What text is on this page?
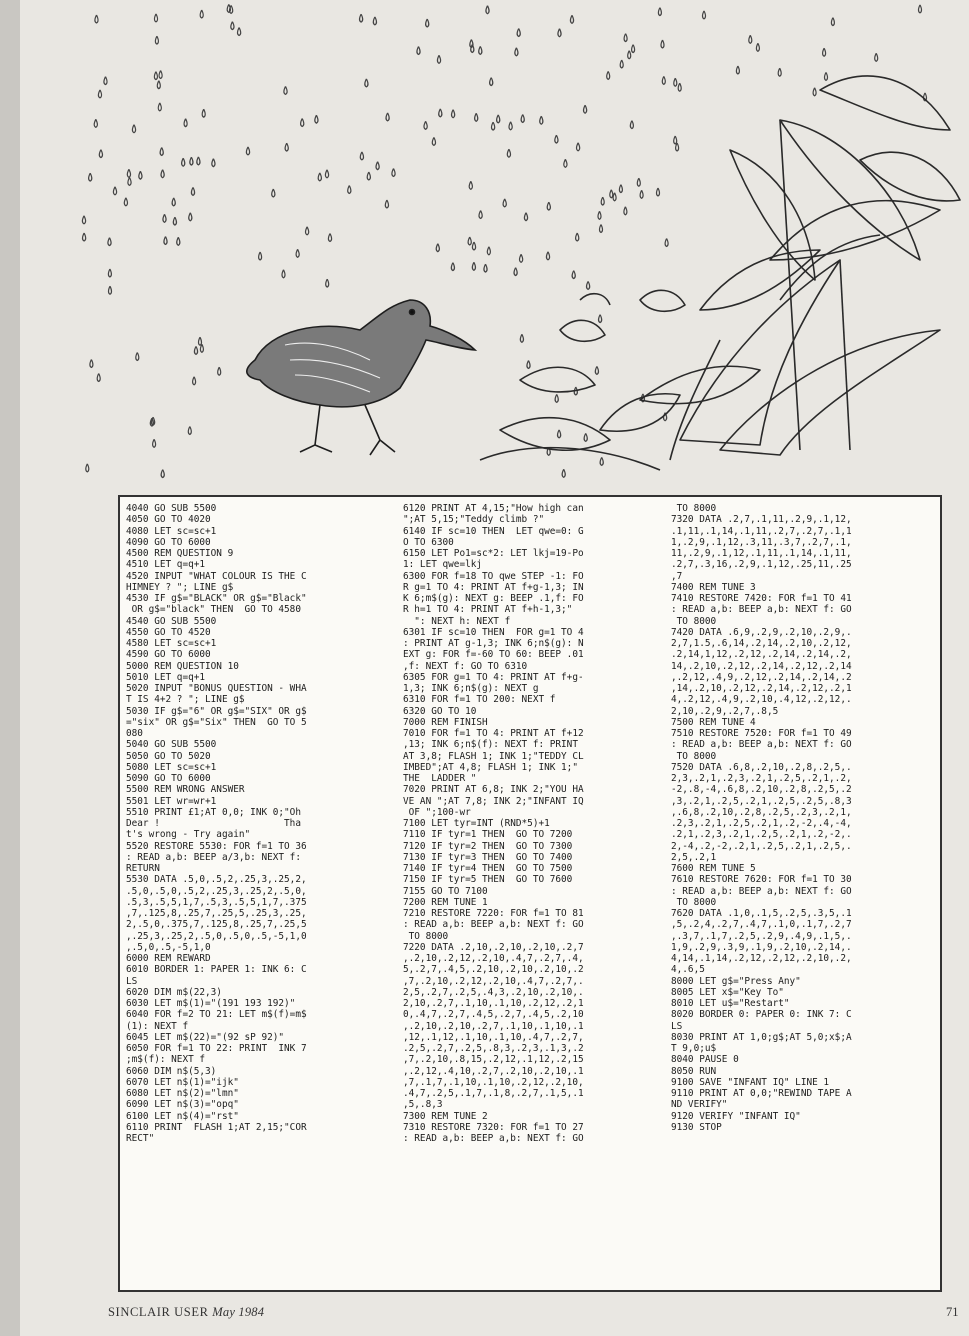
4040 GO SUB 5500
4050 GO TO 4020
4080 LET sc=sc+1
4090 GO TO 6000
4500 REM QUESTION 9
4510 LET q=q+1
4520 INPUT "WHAT COLOUR IS THE C
HIMNEY ? "; LINE g$
4530 IF g$="BLACK" OR g$="Black"
OR g$="black" THEN  GO TO 4580
4540 GO SUB 5500
4550 GO TO 4520
4580 LET sc=sc+1
4590 GO TO 6000
5000 REM QUESTION 10
5010 LET q=q+1
5020 INPUT "BONUS QUESTION - WHA
T IS 4+2 ? "; LINE g$
5030 IF g$="6" OR g$="SIX" OR g$
="six" OR g$="Six" THEN  GO TO 5
080
5040 GO SUB 5500
5050 GO TO 5020
5080 LET sc=sc+1
5090 GO TO 6000
5500 REM WRONG ANSWER
5501 LET wr=wr+1
5510 PRINT £1;AT 0,0; INK 0;"Oh
Dear !                      Tha
t's wrong - Try again"
5520 RESTORE 5530: FOR f=1 TO 36
: READ a,b: BEEP a/3,b: NEXT f:
RETURN
5530 DATA .5,0,.5,2,.25,3,.25,2,
.5,0,.5,0,.5,2,.25,3,.25,2,.5,0,
.5,3,.5,5,1,7,.5,3,.5,5,1,7,.375
,7,.125,8,.25,7,.25,5,.25,3,.25,
2,.5,0,.375,7,.125,8,.25,7,.25,5
,.25,3,.25,2,.5,0,.5,0,.5,-5,1,0
,.5,0,.5,-5,1,0
6000 REM REWARD
6010 BORDER 1: PAPER 1: INK 6: C
LS
6020 DIM m$(22,3)
6030 LET m$(1)="(191 193 192)"
6040 FOR f=2 TO 21: LET m$(f)=m$
(1): NEXT f
6045 LET m$(22)="(92 sP 92)"
6050 FOR f=1 TO 22: PRINT  INK 7
;m$(f): NEXT f
6060 DIM n$(5,3)
6070 LET n$(1)="ijk"
6080 LET n$(2)="lmn"
6090 LET n$(3)="opq"
6100 LET n$(4)="rst"
6110 PRINT  FLASH 1;AT 2,15;"COR
RECT"
6120 PRINT AT 4,15;"How high can
";AT 5,15;"Teddy climb ?"
6140 IF sc=10 THEN  LET qwe=0: G
O TO 6300
6150 LET Po1=sc*2: LET lkj=19-Po
1: LET qwe=lkj
6300 FOR f=18 TO qwe STEP -1: FO
R g=1 TO 4: PRINT AT f+g-1,3; IN
K 6;m$(g): NEXT g: BEEP .1,f: FO
R h=1 TO 4: PRINT AT f+h-1,3;"
": NEXT h: NEXT f
6301 IF sc=10 THEN  FOR g=1 TO 4
: PRINT AT g-1,3; INK 6;n$(g): N
EXT g: FOR f=-60 TO 60: BEEP .01
,f: NEXT f: GO TO 6310
6305 FOR g=1 TO 4: PRINT AT f+g-
1,3; INK 6;n$(g): NEXT g
6310 FOR f=1 TO 200: NEXT f
6320 GO TO 10
7000 REM FINISH
7010 FOR f=1 TO 4: PRINT AT f+12
,13; INK 6;n$(f): NEXT f: PRINT
AT 3,8; FLASH 1; INK 1;"TEDDY CL
IMBED";AT 4,8; FLASH 1; INK 1;"
THE  LADDER "
7020 PRINT AT 6,8; INK 2;"YOU HA
VE AN ";AT 7,8; INK 2;"INFANT IQ
OF ";100-wr
7100 LET tyr=INT (RND*5)+1
7110 IF tyr=1 THEN  GO TO 7200
7120 IF tyr=2 THEN  GO TO 7300
7130 IF tyr=3 THEN  GO TO 7400
7140 IF tyr=4 THEN  GO TO 7500
7150 IF tyr=5 THEN  GO TO 7600
7155 GO TO 7100
7200 REM TUNE 1
7210 RESTORE 7220: FOR f=1 TO 81
: READ a,b: BEEP a,b: NEXT f: GO
TO 8000
7220 DATA .2,10,.2,10,.2,10,.2,7
,.2,10,.2,12,.2,10,.4,7,.2,7,.4,
5,.2,7,.4,5,.2,10,.2,10,.2,10,.2
,7,.2,10,.2,12,.2,10,.4,7,.2,7,.
2,5,.2,7,.2,5,.4,3,.2,10,.2,10,.
2,10,.2,7,.1,10,.1,10,.2,12,.2,1
0,.4,7,.2,7,.4,5,.2,7,.4,5,.2,10
,.2,10,.2,10,.2,7,.1,10,.1,10,.1
,12,.1,12,.1,10,.1,10,.4,7,.2,7,
.2,5,.2,7,.2,5,.8,3,.2,3,.1,3,.2
,7,.2,10,.8,15,.2,12,.1,12,.2,15
,.2,12,.4,10,.2,7,.2,10,.2,10,.1
,7,.1,7,.1,10,.1,10,.2,12,.2,10,
.4,7,.2,5,.1,7,.1,8,.2,7,.1,5,.1
,5,.8,3
7300 REM TUNE 2
7310 RESTORE 7320: FOR f=1 TO 27
: READ a,b: BEEP a,b: NEXT f: GO
TO 8000
7320 DATA .2,7,.1,11,.2,9,.1,12,
.1,11,.1,14,.1,11,.2,7,.2,7,.1,1
1,.2,9,.1,12,.3,11,.3,7,.2,7,.1,
11,.2,9,.1,12,.1,11,.1,14,.1,11,
.2,7,.3,16,.2,9,.1,12,.25,11,.25
,7
7400 REM TUNE 3
7410 RESTORE 7420: FOR f=1 TO 41
: READ a,b: BEEP a,b: NEXT f: GO
TO 8000
7420 DATA .6,9,.2,9,.2,10,.2,9,.
2,7,1.5,.6,14,.2,14,.2,10,.2,12,
.2,14,1,12,.2,12,.2,14,.2,14,.2,
14,.2,10,.2,12,.2,14,.2,12,.2,14
,.2,12,.4,9,.2,12,.2,14,.2,14,.2
,14,.2,10,.2,12,.2,14,.2,12,.2,1
4,.2,12,.4,9,.2,10,.4,12,.2,12,.
2,10,.2,9,.2,7,.8,5
7500 REM TUNE 4
7510 RESTORE 7520: FOR f=1 TO 49
: READ a,b: BEEP a,b: NEXT f: GO
TO 8000
7520 DATA .6,8,.2,10,.2,8,.2,5,.
2,3,.2,1,.2,3,.2,1,.2,5,.2,1,.2,
-2,.8,-4,.6,8,.2,10,.2,8,.2,5,.2
,3,.2,1,.2,5,.2,1,.2,5,.2,5,.8,3
,.6,8,.2,10,.2,8,.2,5,.2,3,.2,1,
.2,3,.2,1,.2,5,.2,1,.2,-2,.4,-4,
.2,1,.2,3,.2,1,.2,5,.2,1,.2,-2,.
2,-4,.2,-2,.2,1,.2,5,.2,1,.2,5,.
2,5,.2,1
7600 REM TUNE 5
7610 RESTORE 7620: FOR f=1 TO 30
: READ a,b: BEEP a,b: NEXT f: GO
TO 8000
7620 DATA .1,0,.1,5,.2,5,.3,5,.1
,5,.2,4,.2,7,.4,7,.1,0,.1,7,.2,7
,.3,7,.1,7,.2,5,.2,9,.4,9,.1,5,.
1,9,.2,9,.3,9,.1,9,.2,10,.2,14,.
4,14,.1,14,.2,12,.2,12,.2,10,.2,
4,.6,5
8000 LET g$="Press Any"
8005 LET x$="Key To"
8010 LET u$="Restart"
8020 BORDER 0: PAPER 0: INK 7: C
LS
8030 PRINT AT 1,0;g$;AT 5,0;x$;A
T 9,0;u$
8040 PAUSE 0
8050 RUN
9100 SAVE "INFANT IQ" LINE 1
9110 PRINT AT 0,0;"REWIND TAPE A
ND VERIFY"
9120 VERIFY "INFANT IQ"
9130 STOP
SINCLAIR USER May 1984	71
